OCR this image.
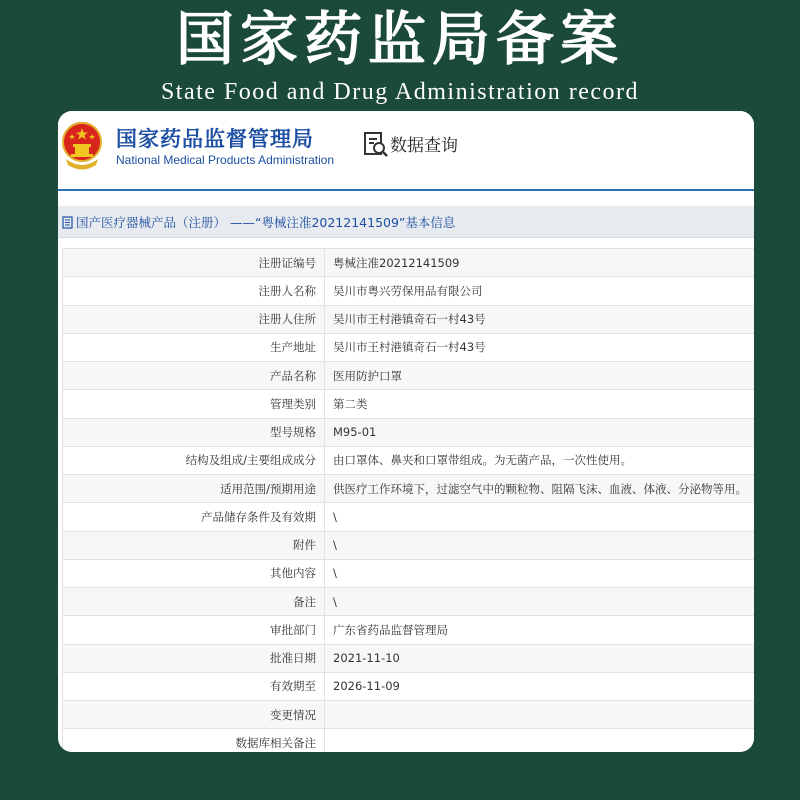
国家药监局备案
State Food and Drug Administration record
国家药品监督管理局
National Medical Products Administration
数据查询
国产医疗器械产品（注册） ——“粤械注准20212141509”基本信息
注册证编号	粤械注准20212141509
注册人名称	吴川市粤兴劳保用品有限公司
注册人住所	吴川市王村港镇奇石一村43号
生产地址	吴川市王村港镇奇石一村43号
产品名称	医用防护口罩
管理类别	第二类
型号规格	M95-01
结构及组成/主要组成成分	由口罩体、鼻夹和口罩带组成。为无菌产品，一次性使用。
适用范围/预期用途	供医疗工作环境下，过滤空气中的颗粒物、阻隔飞沫、血液、体液、分泌物等用。
产品储存条件及有效期	\
附件	\
其他内容	\
备注	\
审批部门	广东省药品监督管理局
批准日期	2021-11-10
有效期至	2026-11-09
变更情况	
数据库相关备注	
